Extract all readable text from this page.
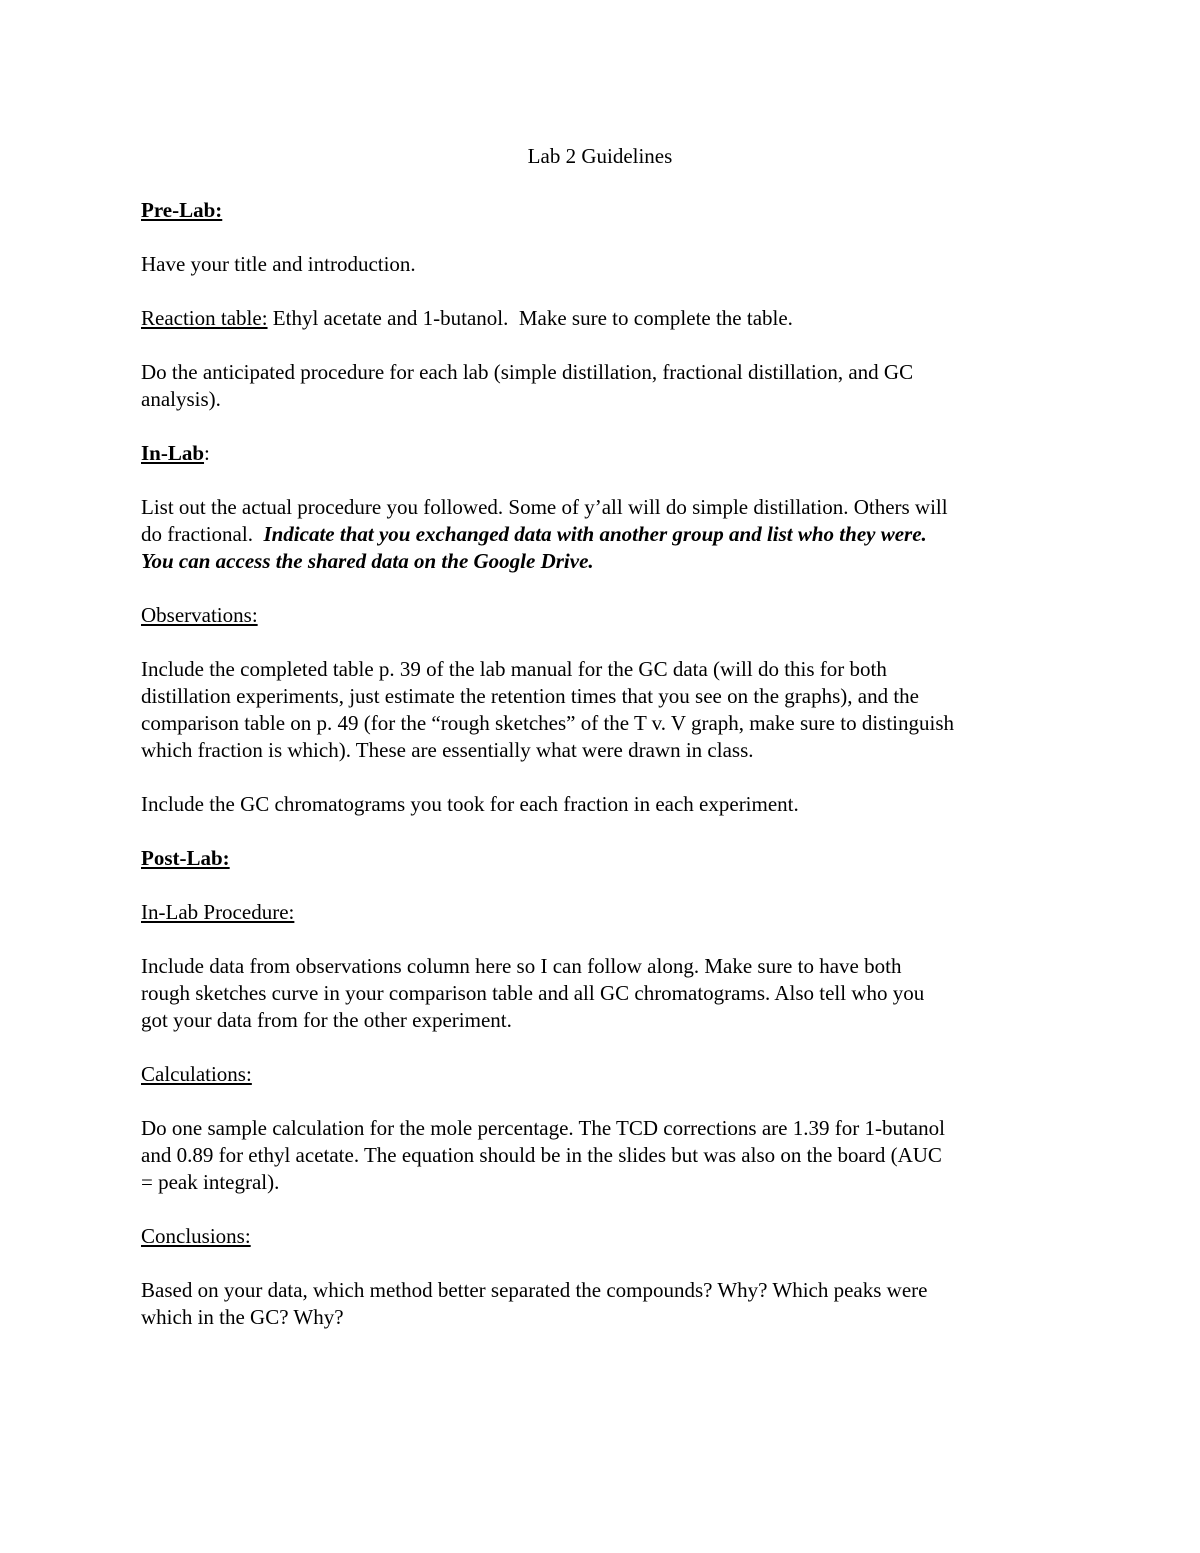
Lab 2 Guidelines

Pre-Lab:

Have your title and introduction.

Reaction table: Ethyl acetate and 1-butanol.  Make sure to complete the table.

Do the anticipated procedure for each lab (simple distillation, fractional distillation, and GC

analysis).

In-Lab:

List out the actual procedure you followed. Some of y’all will do simple distillation. Others will

do fractional.  Indicate that you exchanged data with another group and list who they were.

You can access the shared data on the Google Drive.

Observations:

Include the completed table p. 39 of the lab manual for the GC data (will do this for both

distillation experiments, just estimate the retention times that you see on the graphs), and the

comparison table on p. 49 (for the “rough sketches” of the T v. V graph, make sure to distinguish

which fraction is which). These are essentially what were drawn in class.

Include the GC chromatograms you took for each fraction in each experiment.

Post-Lab:

In-Lab Procedure:

Include data from observations column here so I can follow along. Make sure to have both

rough sketches curve in your comparison table and all GC chromatograms. Also tell who you

got your data from for the other experiment.

Calculations:

Do one sample calculation for the mole percentage. The TCD corrections are 1.39 for 1-butanol

and 0.89 for ethyl acetate. The equation should be in the slides but was also on the board (AUC

= peak integral).

Conclusions:

Based on your data, which method better separated the compounds? Why? Which peaks were

which in the GC? Why?
